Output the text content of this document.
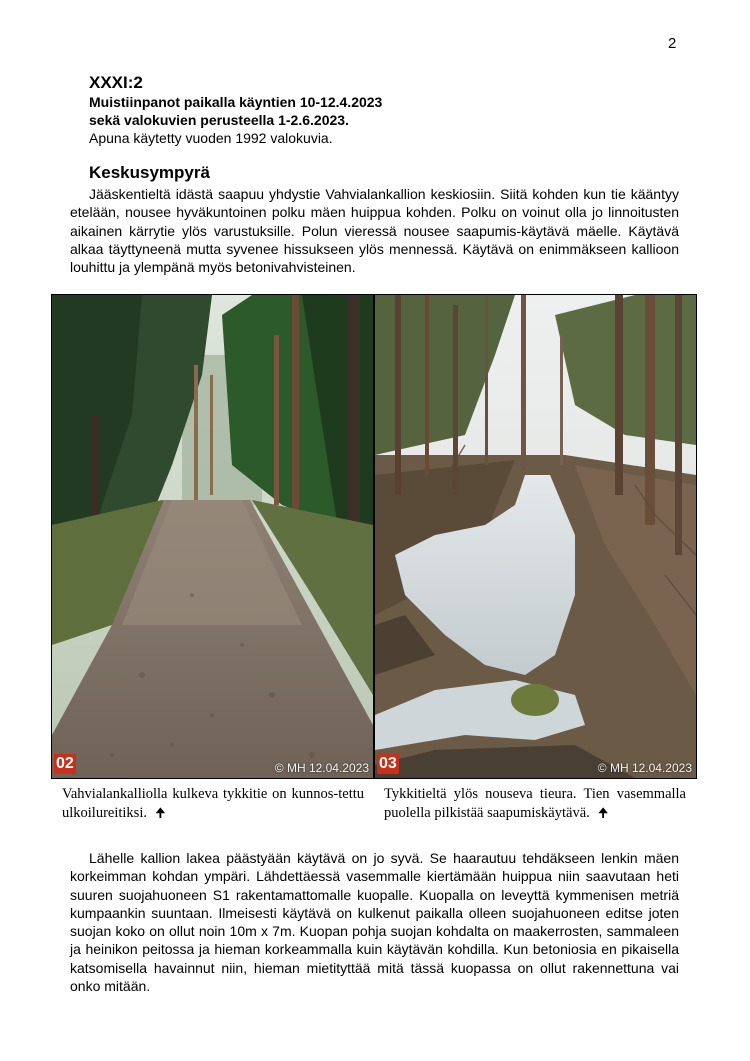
2
XXXI:2
Muistiinpanot paikalla käyntien 10-12.4.2023
sekä valokuvien perusteella 1-2.6.2023.
Apuna käytetty vuoden 1992 valokuvia.
Keskusympyrä

Jääskentieltä idästä saapuu yhdystie Vahvialankallion keskiosiin. Siitä kohden kun tie kääntyy etelään, nousee hyväkuntoinen polku mäen huippua kohden. Polku on voinut olla jo linnoitusten aikainen kärrytie ylös varustuksille. Polun vieressä nousee saapumis-käytävä mäelle. Käytävä alkaa täyttyneenä mutta syvenee hissukseen ylös mennessä. Käytävä on enimmäkseen kallioon louhittu ja ylempänä myös betonivahvisteinen.

02	© MH 12.04.2023 03	© MH 12.04.2023
Vahvialankalliolla kulkeva tykkitie on kunnos-tettu ulkoilureitiksi. 🠉
Tykkitieltä ylös nouseva tieura. Tien vasemmalla puolella pilkistää saapumiskäytävä. 🠉

Lähelle kallion lakea päästyään käytävä on jo syvä. Se haarautuu tehdäkseen lenkin mäen korkeimman kohdan ympäri. Lähdettäessä vasemmalle kiertämään huippua niin saavutaan heti suuren suojahuoneen S1 rakentamattomalle kuopalle. Kuopalla on leveyttä kymmenisen metriä kumpaankin suuntaan. Ilmeisesti käytävä on kulkenut paikalla olleen suojahuoneen editse joten suojan koko on ollut noin 10m x 7m. Kuopan pohja suojan kohdalta on maakerrosten, sammaleen ja heinikon peitossa ja hieman korkeammalla kuin käytävän kohdilla. Kun betoniosia en pikaisella katsomisella havainnut niin, hieman mietityttää mitä tässä kuopassa on ollut rakennettuna vai onko mitään.
